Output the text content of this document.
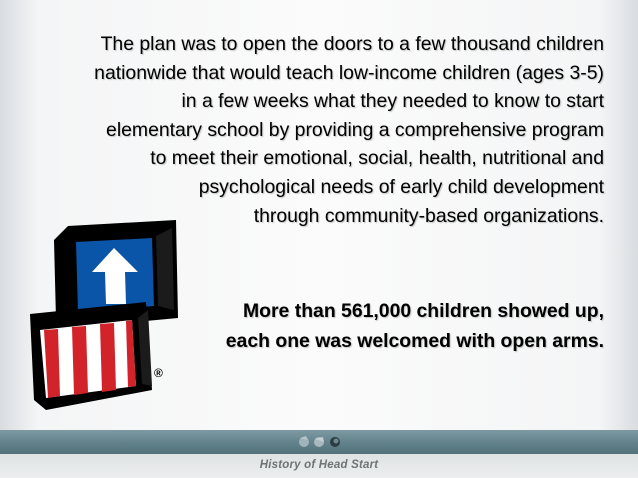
The plan was to open the doors to a few thousand children
nationwide that would teach low-income children (ages 3-5)
in a few weeks what they needed to know to start
elementary school by providing a comprehensive program
to meet their emotional, social, health, nutritional and
psychological needs of early child development
through community-based organizations.
More than 561,000 children showed up,
each one was welcomed with open arms.
®
History of Head Start
